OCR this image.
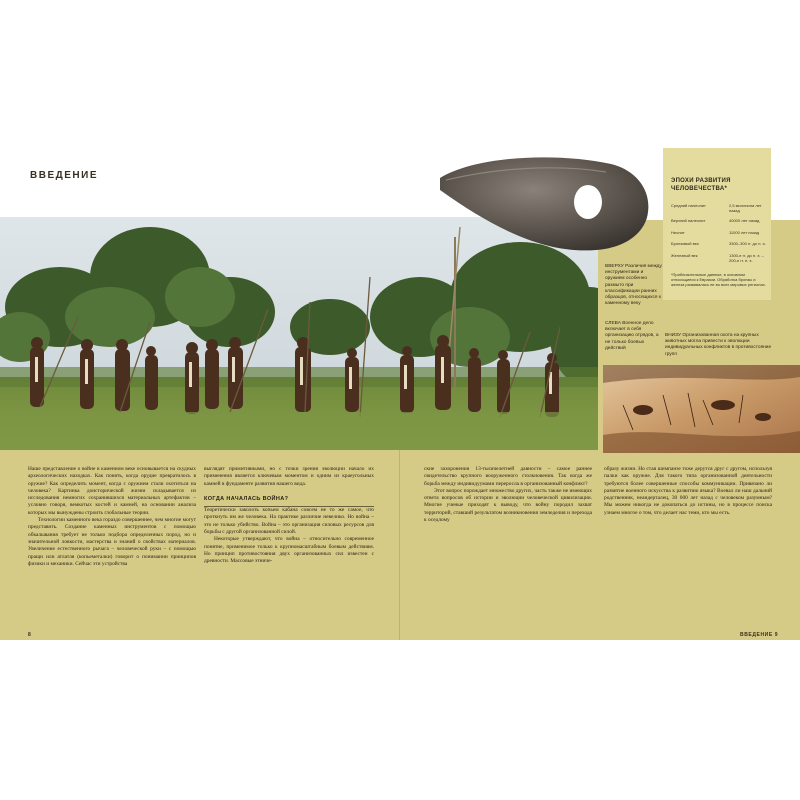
ВВЕДЕНИЕ	ЭПОХИ РАЗВИТИЯ ЧЕЛОВЕЧЕСТВА*
Средний палеолит	2,5 миллиона лет назад
Верхний палеолит	40000 лет назад
Неолит	11000 лет назад
Бронзовый век	3300–300 гг. до н. э.
Железный век	1300-е гг. до н. э. – 200-е гг. н. э.
*Приблизительные данные, в основном относящиеся к Евразии. Обработка бронзы и железа развивалась не во всех мировых регионах.
ВВЕРХУ Различия между инструментами и оружием особенно размыто при классификации ранних образцов, относящихся к каменному веку
СЛЕВА Военное дело включает в себя организацию отрядов, а не только боевых действий
ВНИЗУ Организованная охота на крупных животных могла привести к эволюции индивидуальных конфликтов в противостояние групп

Наше представление о войне в каменном веке основывается на скудных археологических находках. Как понять, когда орудие превратилось в оружие? Как определить момент, когда с оружием стали охотиться на человека? Картинка доисторической жизни складывается из исследования немногих сохранившихся материальных артефактов – условно говоря, вемкотых костей и камней, на основании анализа которых мы вынуждены строить глобальные теории.

Технологии каменного века гораздо совершеннее, чем многие могут представить. Создание каменных инструментов с помощью обкалывания требует не только подбора определенных пород, но и значительной ловкости, мастерства и знаний о свойствах материалов. Увеличение естественного рычага – человеческой руки – с помощью пращи или атлатля (копьеметалки) говорит о понимании принципов физики и механики. Сейчас эти устройства

выглядят примитивными, но с точки зрения эволюции начало их применения является ключевым моментом и одним из краеугольных камней в фундаменте развития нашего вида.

КОГДА НАЧАЛАСЬ ВОЙНА?

Теоретически заколоть копьем кабана совсем не то же самое, что проткнуть им же человека. На практике различие невелико. Но война – это не только убийство. Война – это организация силовых ресурсов для борьбы с другой организованной силой.

Некоторые утверждают, что война – относительно современное понятие, применимое только к крупномасштабным боевым действиям. Но принцип противостояния двух организованных сил известен с древности. Массовые этниче-

ские захоронения 13-тысячелетней давности – самое раннее свидетельство крупного вооруженного столкновения. Так когда же борьба между индивидуумами переросла в организованный конфликт?

Этот вопрос порождает множество других, часть также не имеющих ответа вопросов об истории и эволюции человеческой цивилизации. Многие ученые приходят к выводу, что войну породил захват территорий, ставший результатом возникновения земледелия и перехода к оседлому

образу жизни. Но стая шимпанзе тоже дерутся друг с другом, используя палки как оружие. Для такого типа организованной деятельности требуются более совершенные способы коммуникации. Привязано ли развитие военного искусства к развитию языка? Воевал ли наш дальний родственник, неандерталец, 30 000 лет назад с человеком разумным? Мы можем никогда не докопаться до истины, но в процессе поиска узнаем многое о том, что делает нас теми, кто мы есть.

8	ВВЕДЕНИЕ 9
